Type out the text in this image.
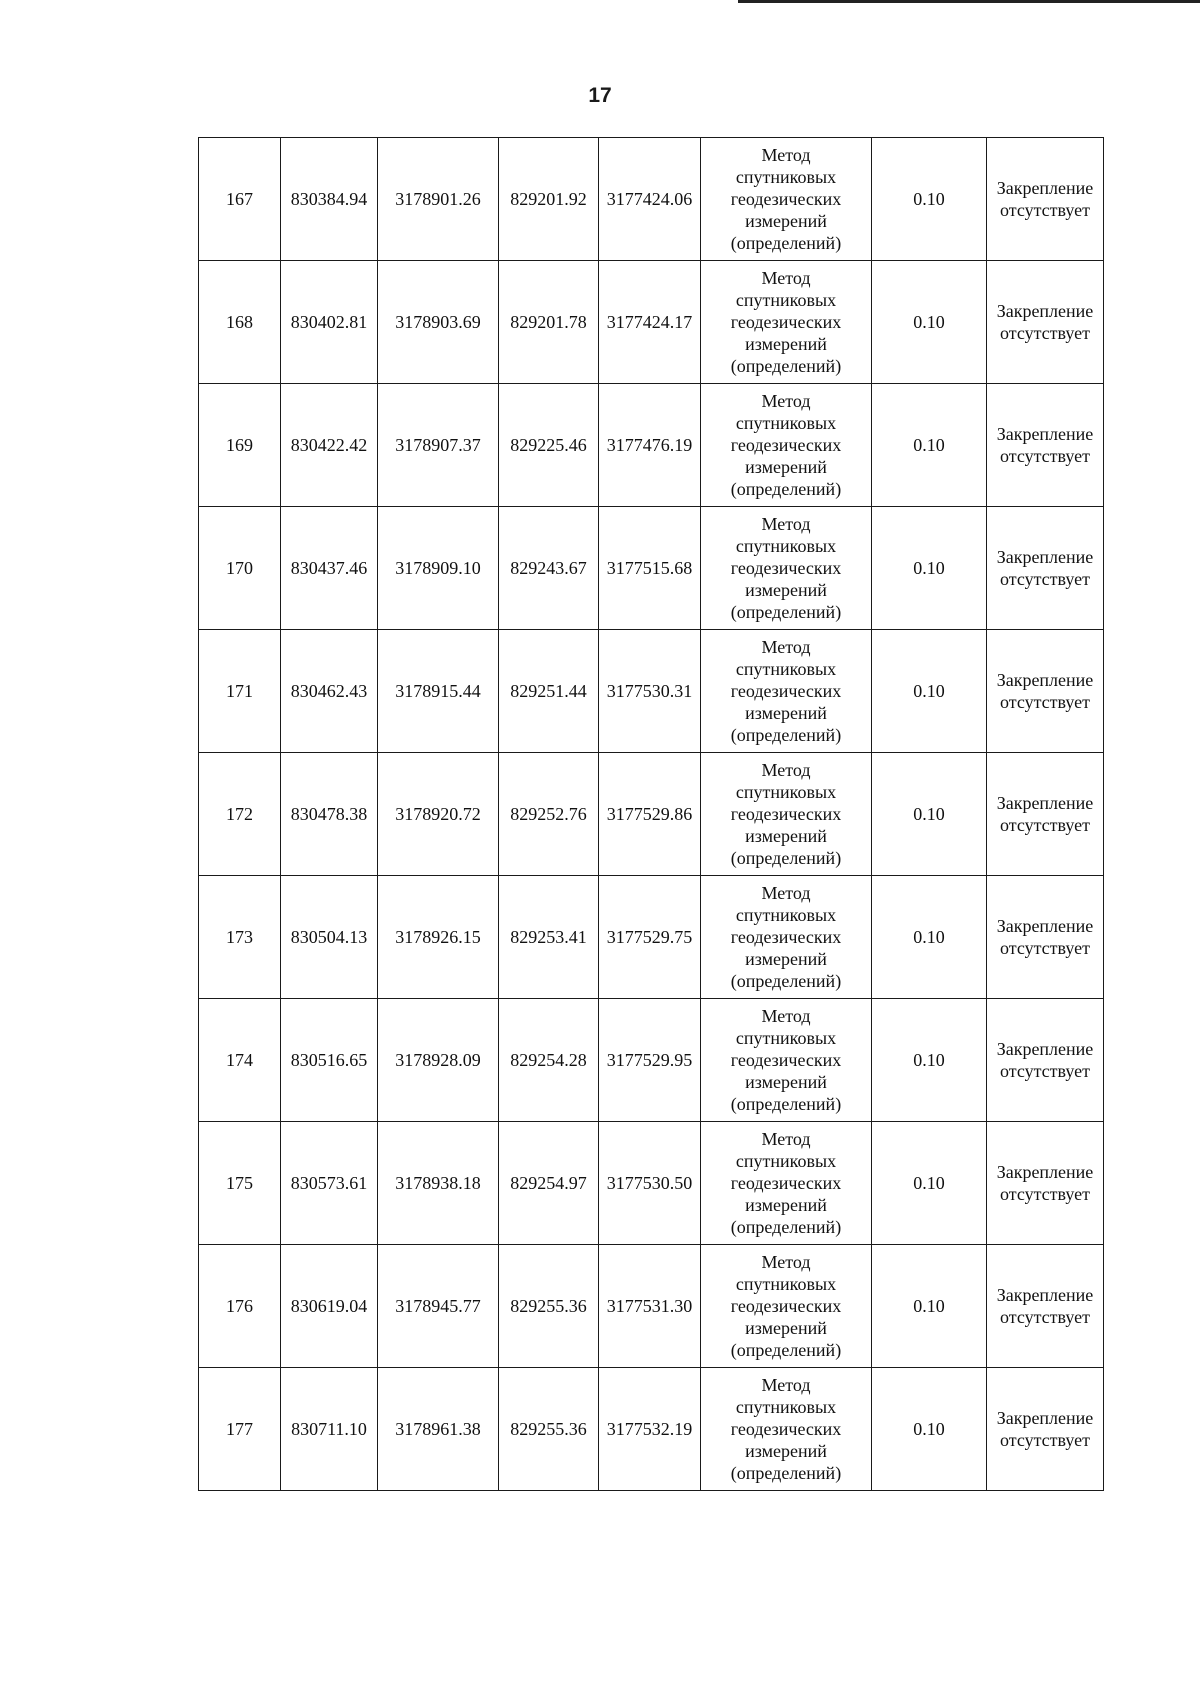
17
167	830384.94	3178901.26	829201.92	3177424.06	Метод
спутниковых
геодезических
измерений
(определений)	0.10	Закрепление
отсутствует

168	830402.81	3178903.69	829201.78	3177424.17	Метод
спутниковых
геодезических
измерений
(определений)	0.10	Закрепление
отсутствует

169	830422.42	3178907.37	829225.46	3177476.19	Метод
спутниковых
геодезических
измерений
(определений)	0.10	Закрепление
отсутствует

170	830437.46	3178909.10	829243.67	3177515.68	Метод
спутниковых
геодезических
измерений
(определений)	0.10	Закрепление
отсутствует

171	830462.43	3178915.44	829251.44	3177530.31	Метод
спутниковых
геодезических
измерений
(определений)	0.10	Закрепление
отсутствует

172	830478.38	3178920.72	829252.76	3177529.86	Метод
спутниковых
геодезических
измерений
(определений)	0.10	Закрепление
отсутствует

173	830504.13	3178926.15	829253.41	3177529.75	Метод
спутниковых
геодезических
измерений
(определений)	0.10	Закрепление
отсутствует

174	830516.65	3178928.09	829254.28	3177529.95	Метод
спутниковых
геодезических
измерений
(определений)	0.10	Закрепление
отсутствует

175	830573.61	3178938.18	829254.97	3177530.50	Метод
спутниковых
геодезических
измерений
(определений)	0.10	Закрепление
отсутствует

176	830619.04	3178945.77	829255.36	3177531.30	Метод
спутниковых
геодезических
измерений
(определений)	0.10	Закрепление
отсутствует

177	830711.10	3178961.38	829255.36	3177532.19	Метод
спутниковых
геодезических
измерений
(определений)	0.10	Закрепление
отсутствует
